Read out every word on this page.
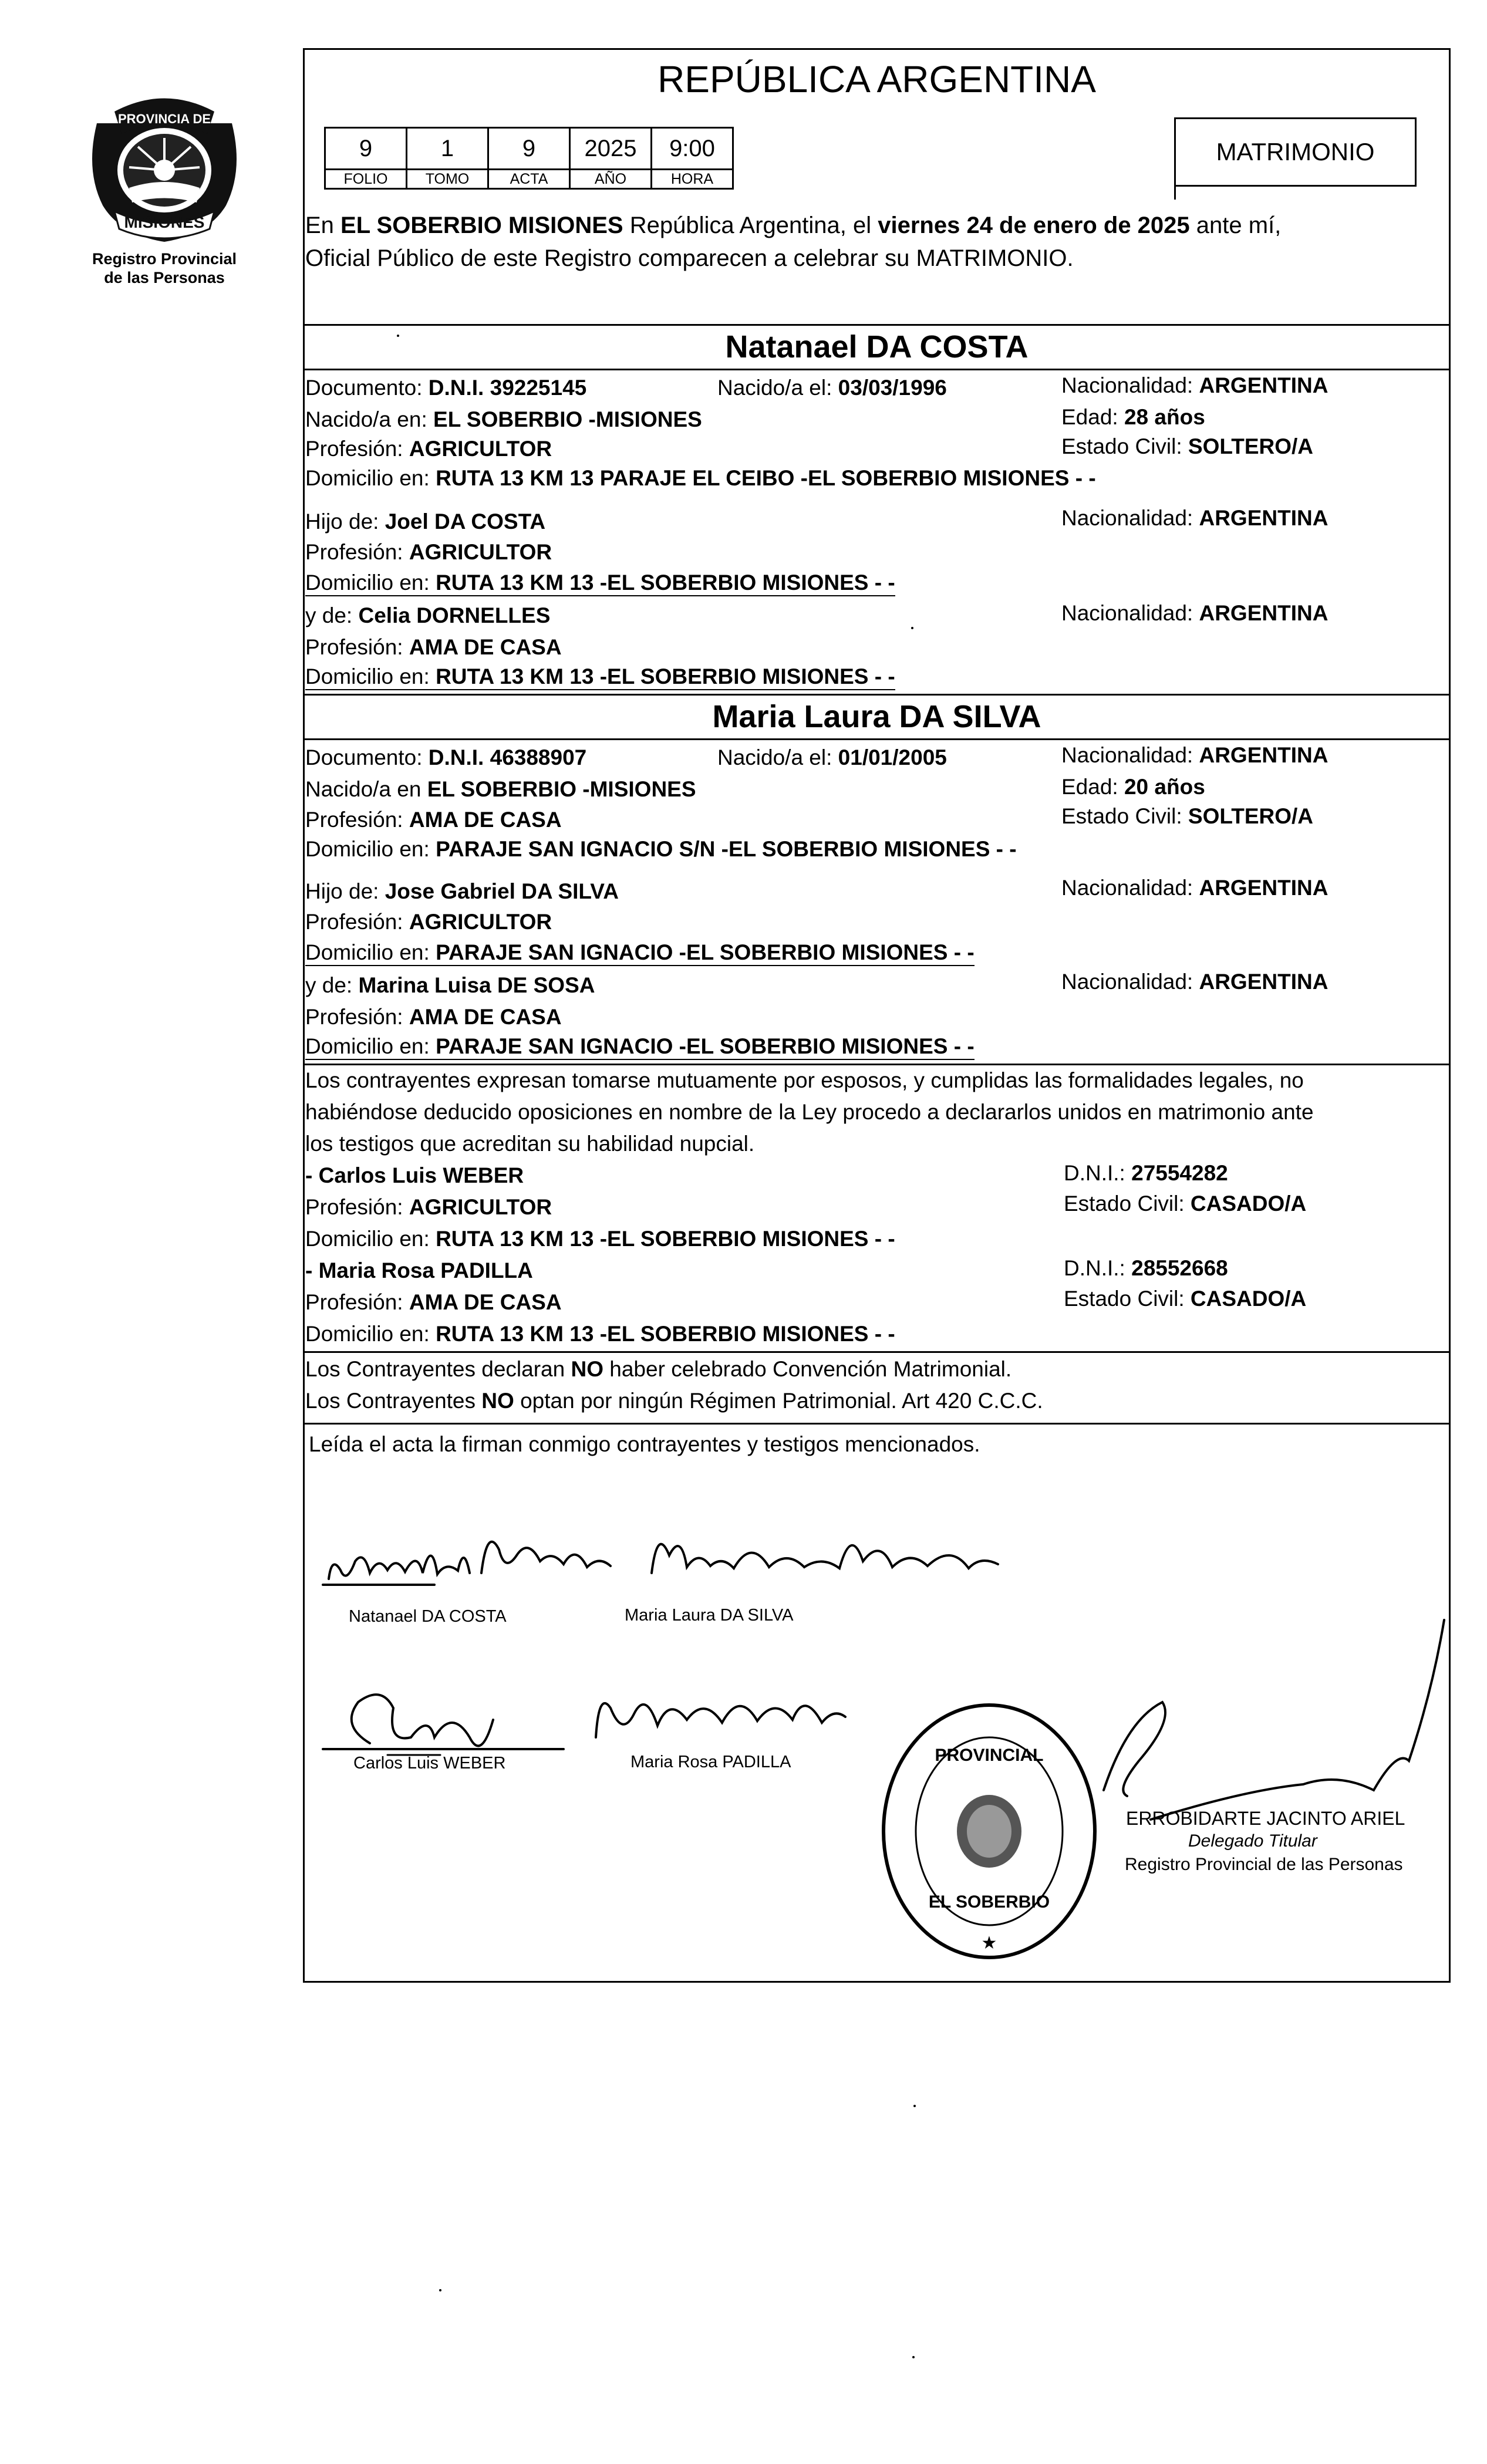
PROVINCIA DE
MISIONES
Registro Provincial
de las Personas
REPÚBLICA ARGENTINA
9	1	9	2025	9:00
FOLIO	TOMO	ACTA	AÑO	HORA
MATRIMONIO
En EL SOBERBIO MISIONES República Argentina, el viernes 24 de enero de 2025 ante mí,
Oficial Público de este Registro comparecen a celebrar su MATRIMONIO.
Natanael DA COSTA
Documento: D.N.I. 39225145	Nacido/a el: 03/03/1996	Nacionalidad: ARGENTINA
Nacido/a en: EL SOBERBIO -MISIONES	Edad: 28 años
Profesión: AGRICULTOR	Estado Civil: SOLTERO/A
Domicilio en: RUTA 13 KM 13 PARAJE EL CEIBO -EL SOBERBIO MISIONES - -
Hijo de: Joel DA COSTA	Nacionalidad: ARGENTINA
Profesión: AGRICULTOR
Domicilio en: RUTA 13 KM 13 -EL SOBERBIO MISIONES - -
y de: Celia DORNELLES	Nacionalidad: ARGENTINA
Profesión: AMA DE CASA
Domicilio en: RUTA 13 KM 13 -EL SOBERBIO MISIONES - -
Maria Laura DA SILVA
Documento: D.N.I. 46388907	Nacido/a el: 01/01/2005	Nacionalidad: ARGENTINA
Nacido/a en EL SOBERBIO -MISIONES	Edad: 20 años
Profesión: AMA DE CASA	Estado Civil: SOLTERO/A
Domicilio en: PARAJE SAN IGNACIO S/N -EL SOBERBIO MISIONES - -
Hijo de: Jose Gabriel DA SILVA	Nacionalidad: ARGENTINA
Profesión: AGRICULTOR
Domicilio en: PARAJE SAN IGNACIO -EL SOBERBIO MISIONES - -
y de: Marina Luisa DE SOSA	Nacionalidad: ARGENTINA
Profesión: AMA DE CASA
Domicilio en: PARAJE SAN IGNACIO -EL SOBERBIO MISIONES - -
Los contrayentes expresan tomarse mutuamente por esposos, y cumplidas las formalidades legales, no
habiéndose deducido oposiciones en nombre de la Ley procedo a declararlos unidos en matrimonio ante
los testigos que acreditan su habilidad nupcial.
- Carlos Luis WEBER	D.N.I.: 27554282
Profesión: AGRICULTOR	Estado Civil: CASADO/A
Domicilio en: RUTA 13 KM 13 -EL SOBERBIO MISIONES - -
- Maria Rosa PADILLA	D.N.I.: 28552668
Profesión: AMA DE CASA	Estado Civil: CASADO/A
Domicilio en: RUTA 13 KM 13 -EL SOBERBIO MISIONES - -
Los Contrayentes declaran NO haber celebrado Convención Matrimonial.
Los Contrayentes NO optan por ningún Régimen Patrimonial. Art 420 C.C.C.
Leída el acta la firman conmigo contrayentes y testigos mencionados.
Natanael DA COSTA	Maria Laura DA SILVA
Carlos Luis WEBER	Maria Rosa PADILLA	PROVINCIAL
EL SOBERBIO
★
ERROBIDARTE JACINTO ARIEL
Delegado Titular
Registro Provincial de las Personas
